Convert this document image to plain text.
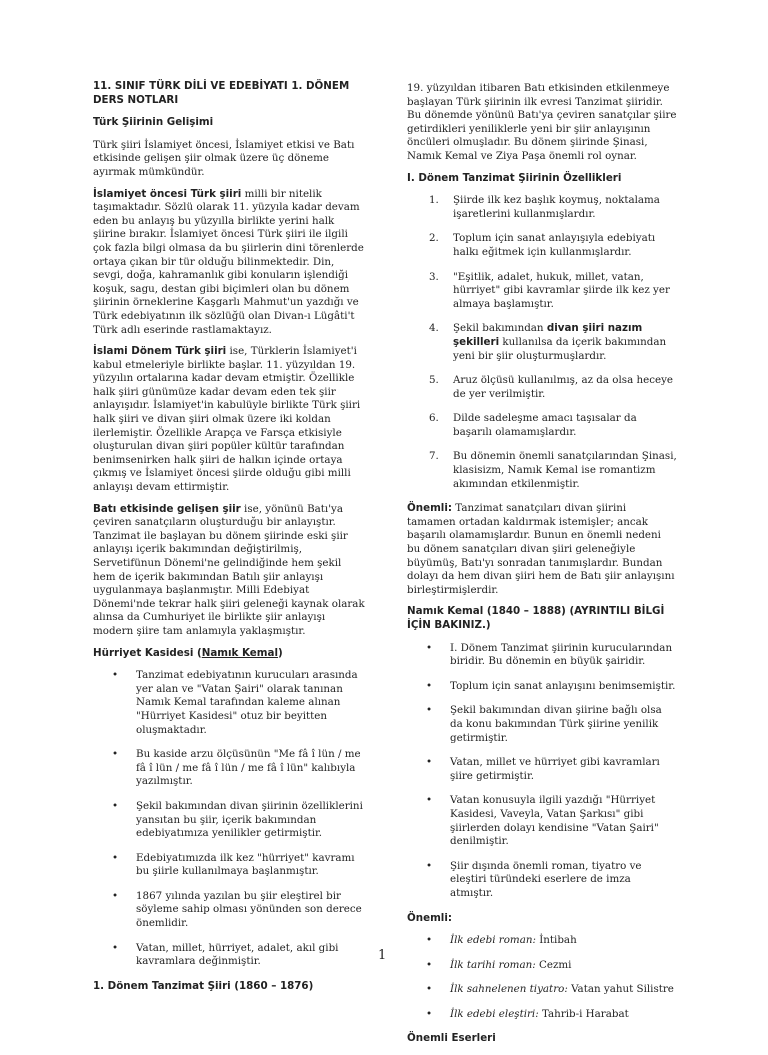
11. SINIF TÜRK DİLİ VE EDEBİYATI 1. DÖNEM DERS NOTLARI

Türk Şiirinin Gelişimi

Türk şiiri İslamiyet öncesi, İslamiyet etkisi ve Batı etkisinde gelişen şiir olmak üzere üç döneme ayırmak mümkündür.

İslamiyet öncesi Türk şiiri milli bir nitelik taşımaktadır. Sözlü olarak 11. yüzyıla kadar devam eden bu anlayış bu yüzyılla birlikte yerini halk şiirine bırakır. İslamiyet öncesi Türk şiiri ile ilgili çok fazla bilgi olmasa da bu şiirlerin dini törenlerde ortaya çıkan bir tür olduğu bilinmektedir. Din, sevgi, doğa, kahramanlık gibi konuların işlendiği koşuk, sagu, destan gibi biçimleri olan bu dönem şiirinin örneklerine Kaşgarlı Mahmut'un yazdığı ve Türk edebiyatının ilk sözlüğü olan Divan-ı Lügâti't Türk adlı eserinde rastlamaktayız.

İslami Dönem Türk şiiri ise, Türklerin İslamiyet'i kabul etmeleriyle birlikte başlar. 11. yüzyıldan 19. yüzyılın ortalarına kadar devam etmiştir. Özellikle halk şiiri günümüze kadar devam eden tek şiir anlayışıdır. İslamiyet'in kabulüyle birlikte Türk şiiri halk şiiri ve divan şiiri olmak üzere iki koldan ilerlemiştir. Özellikle Arapça ve Farsça etkisiyle oluşturulan divan şiiri popüler kültür tarafından benimsenirken halk şiiri de halkın içinde ortaya çıkmış ve İslamiyet öncesi şiirde olduğu gibi milli anlayışı devam ettirmiştir.

Batı etkisinde gelişen şiir ise, yönünü Batı'ya çeviren sanatçıların oluşturduğu bir anlayıştır. Tanzimat ile başlayan bu dönem şiirinde eski şiir anlayışı içerik bakımından değiştirilmiş, Servetifünun Dönemi'ne gelindiğinde hem şekil hem de içerik bakımından Batılı şiir anlayışı uygulanmaya başlanmıştır. Milli Edebiyat Dönemi'nde tekrar halk şiiri geleneği kaynak olarak alınsa da Cumhuriyet ile birlikte şiir anlayışı modern şiire tam anlamıyla yaklaşmıştır.

Hürriyet Kasidesi (Namık Kemal)

• Tanzimat edebiyatının kurucuları arasında yer alan ve "Vatan Şairi" olarak tanınan Namık Kemal tarafından kaleme alınan "Hürriyet Kasidesi" otuz bir beyitten oluşmaktadır.
• Bu kaside arzu ölçüsünün "Me fâ î lün / me fâ î lün / me fâ î lün / me fâ î lün" kalıbıyla yazılmıştır.
• Şekil bakımından divan şiirinin özelliklerini yansıtan bu şiir, içerik bakımından edebiyatımıza yenilikler getirmiştir.
• Edebiyatımızda ilk kez "hürriyet" kavramı bu şiirle kullanılmaya başlanmıştır.
• 1867 yılında yazılan bu şiir eleştirel bir söyleme sahip olması yönünden son derece önemlidir.
• Vatan, millet, hürriyet, adalet, akıl gibi kavramlara değinmiştir.

1. Dönem Tanzimat Şiiri (1860 – 1876)

19. yüzyıldan itibaren Batı etkisinden etkilenmeye başlayan Türk şiirinin ilk evresi Tanzimat şiiridir. Bu dönemde yönünü Batı'ya çeviren sanatçılar şiire getirdikleri yeniliklerle yeni bir şiir anlayışının öncüleri olmuşladır. Bu dönem şiirinde Şinasi, Namık Kemal ve Ziya Paşa önemli rol oynar.

I. Dönem Tanzimat Şiirinin Özellikleri

1. Şiirde ilk kez başlık koymuş, noktalama işaretlerini kullanmışlardır.
2. Toplum için sanat anlayışıyla edebiyatı halkı eğitmek için kullanmışlardır.
3. "Eşitlik, adalet, hukuk, millet, vatan, hürriyet" gibi kavramlar şiirde ilk kez yer almaya başlamıştır.
4. Şekil bakımından divan şiiri nazım şekilleri kullanılsa da içerik bakımından yeni bir şiir oluşturmuşlardır.
5. Aruz ölçüsü kullanılmış, az da olsa heceye de yer verilmiştir.
6. Dilde sadeleşme amacı taşısalar da başarılı olamamışlardır.
7. Bu dönemin önemli sanatçılarından Şinasi, klasisizm, Namık Kemal ise romantizm akımından etkilenmiştir.

Önemli: Tanzimat sanatçıları divan şiirini tamamen ortadan kaldırmak istemişler; ancak başarılı olamamışlardır. Bunun en önemli nedeni bu dönem sanatçıları divan şiiri geleneğiyle büyümüş, Batı'yı sonradan tanımışlardır. Bundan dolayı da hem divan şiiri hem de Batı şiir anlayışını birleştirmişlerdir.

Namık Kemal (1840 – 1888) (AYRINTILI BİLGİ İÇİN BAKINIZ.)

• I. Dönem Tanzimat şiirinin kurucularından biridir. Bu dönemin en büyük şairidir.
• Toplum için sanat anlayışını benimsemiştir.
• Şekil bakımından divan şiirine bağlı olsa da konu bakımından Türk şiirine yenilik getirmiştir.
• Vatan, millet ve hürriyet gibi kavramları şiire getirmiştir.
• Vatan konusuyla ilgili yazdığı "Hürriyet Kasidesi, Vaveyla, Vatan Şarkısı" gibi şiirlerden dolayı kendisine "Vatan Şairi" denilmiştir.
• Şiir dışında önemli roman, tiyatro ve eleştiri türündeki eserlere de imza atmıştır.

Önemli:

• İlk edebi roman: İntibah
• İlk tarihi roman: Cezmi
• İlk sahnelenen tiyatro: Vatan yahut Silistre
• İlk edebi eleştiri: Tahrib-i Harabat

Önemli Eserleri

1
